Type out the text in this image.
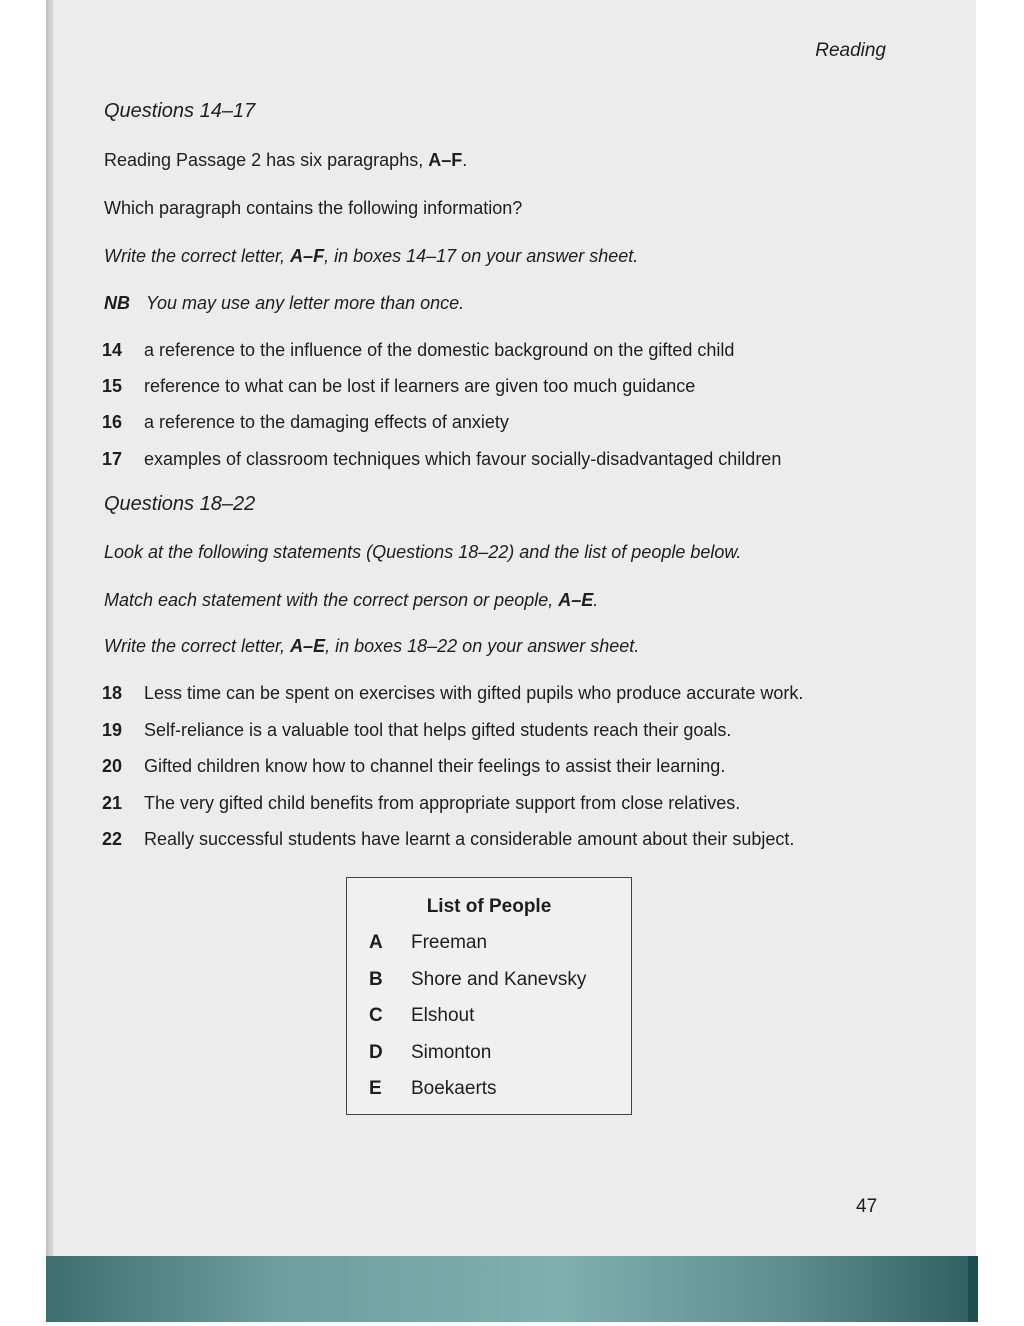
Reading
Questions 14–17
Reading Passage 2 has six paragraphs, A–F.
Which paragraph contains the following information?
Write the correct letter, A–F, in boxes 14–17 on your answer sheet.
NB You may use any letter more than once.
14 a reference to the influence of the domestic background on the gifted child
15 reference to what can be lost if learners are given too much guidance
16 a reference to the damaging effects of anxiety
17 examples of classroom techniques which favour socially-disadvantaged children
Questions 18–22
Look at the following statements (Questions 18–22) and the list of people below.
Match each statement with the correct person or people, A–E.
Write the correct letter, A–E, in boxes 18–22 on your answer sheet.
18 Less time can be spent on exercises with gifted pupils who produce accurate work.
19 Self-reliance is a valuable tool that helps gifted students reach their goals.
20 Gifted children know how to channel their feelings to assist their learning.
21 The very gifted child benefits from appropriate support from close relatives.
22 Really successful students have learnt a considerable amount about their subject.
List of People
A Freeman
B Shore and Kanevsky
C Elshout
D Simonton
E Boekaerts
47
